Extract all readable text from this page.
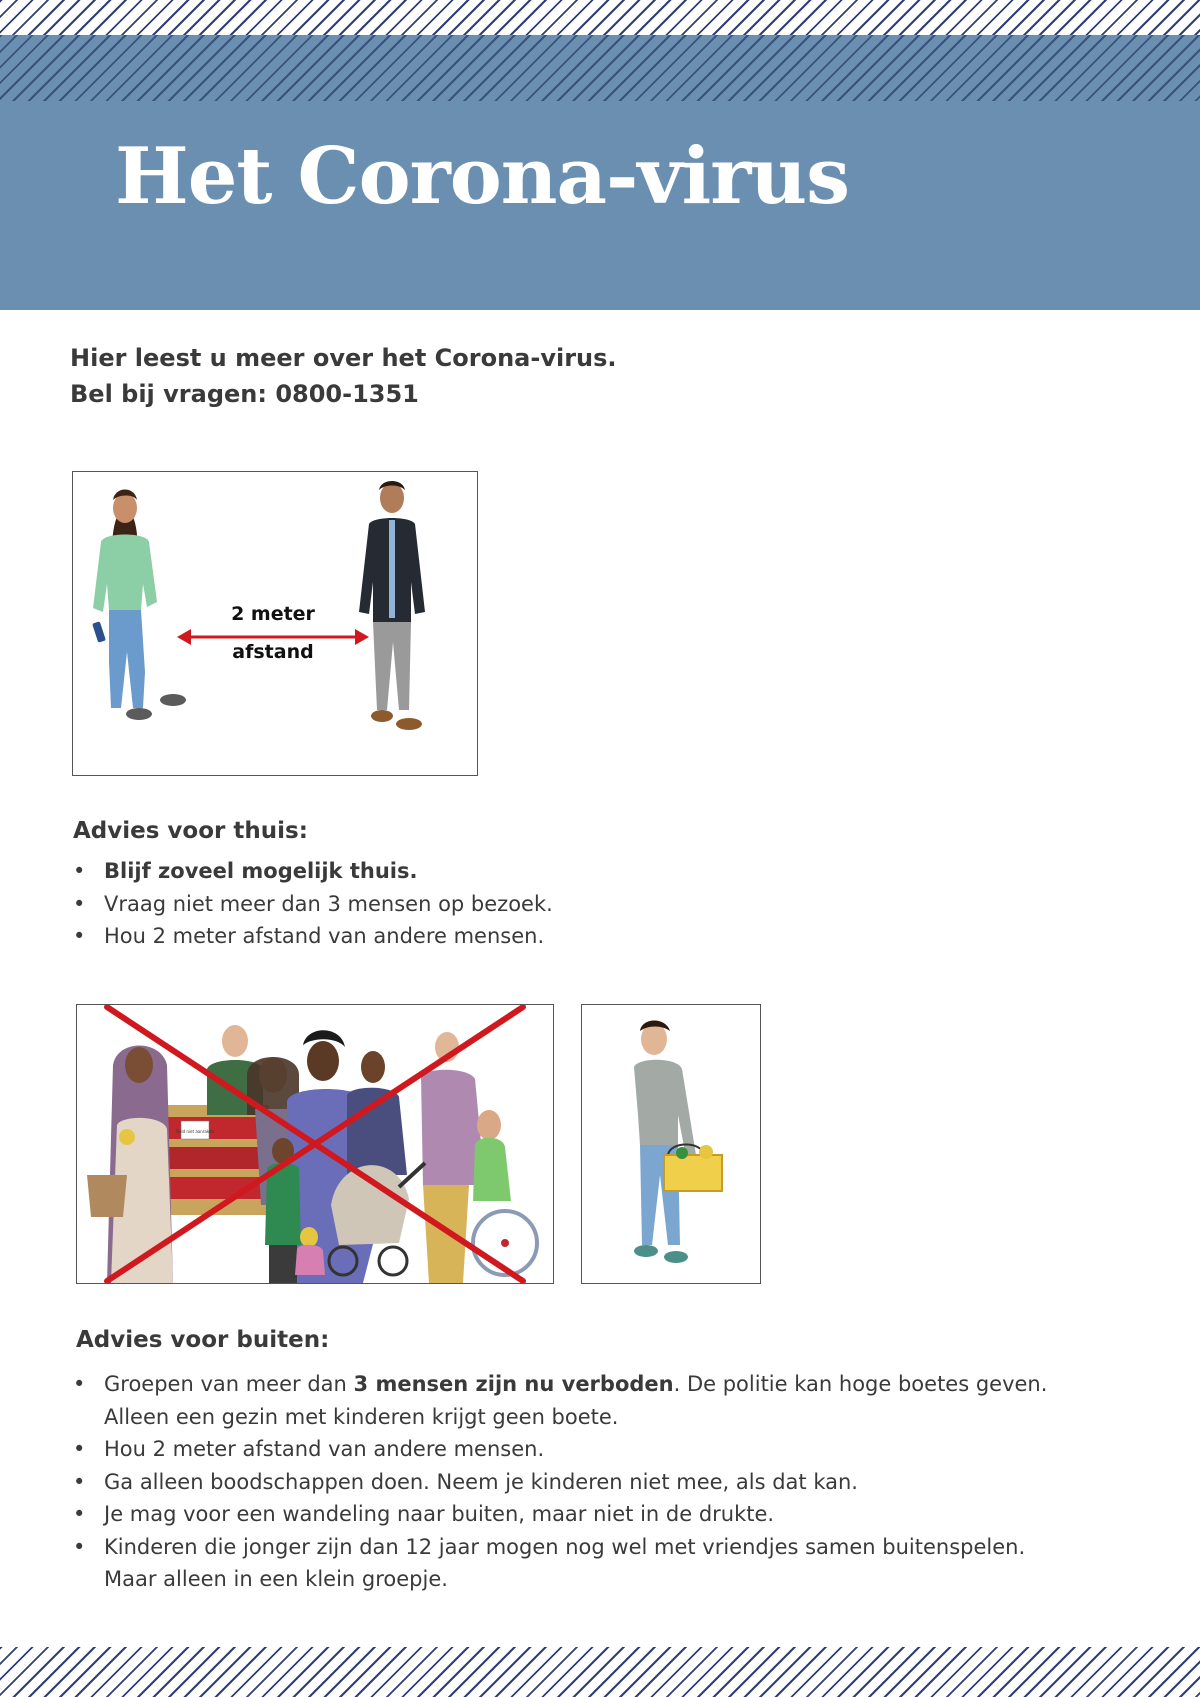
Het Corona-virus
Hier leest u meer over het Corona-virus.
Bel bij vragen: 0800-1351
2 meter
afstand
Advies voor thuis:
• Blijf zoveel mogelijk thuis.
• Vraag niet meer dan 3 mensen op bezoek.
• Hou 2 meter afstand van andere mensen.
Geld niet aanraken
Advies voor buiten:
• Groepen van meer dan 3 mensen zijn nu verboden. De politie kan hoge boetes geven.
Alleen een gezin met kinderen krijgt geen boete.
• Hou 2 meter afstand van andere mensen.
• Ga alleen boodschappen doen. Neem je kinderen niet mee, als dat kan.
• Je mag voor een wandeling naar buiten, maar niet in de drukte.
• Kinderen die jonger zijn dan 12 jaar mogen nog wel met vriendjes samen buitenspelen.
Maar alleen in een klein groepje.
